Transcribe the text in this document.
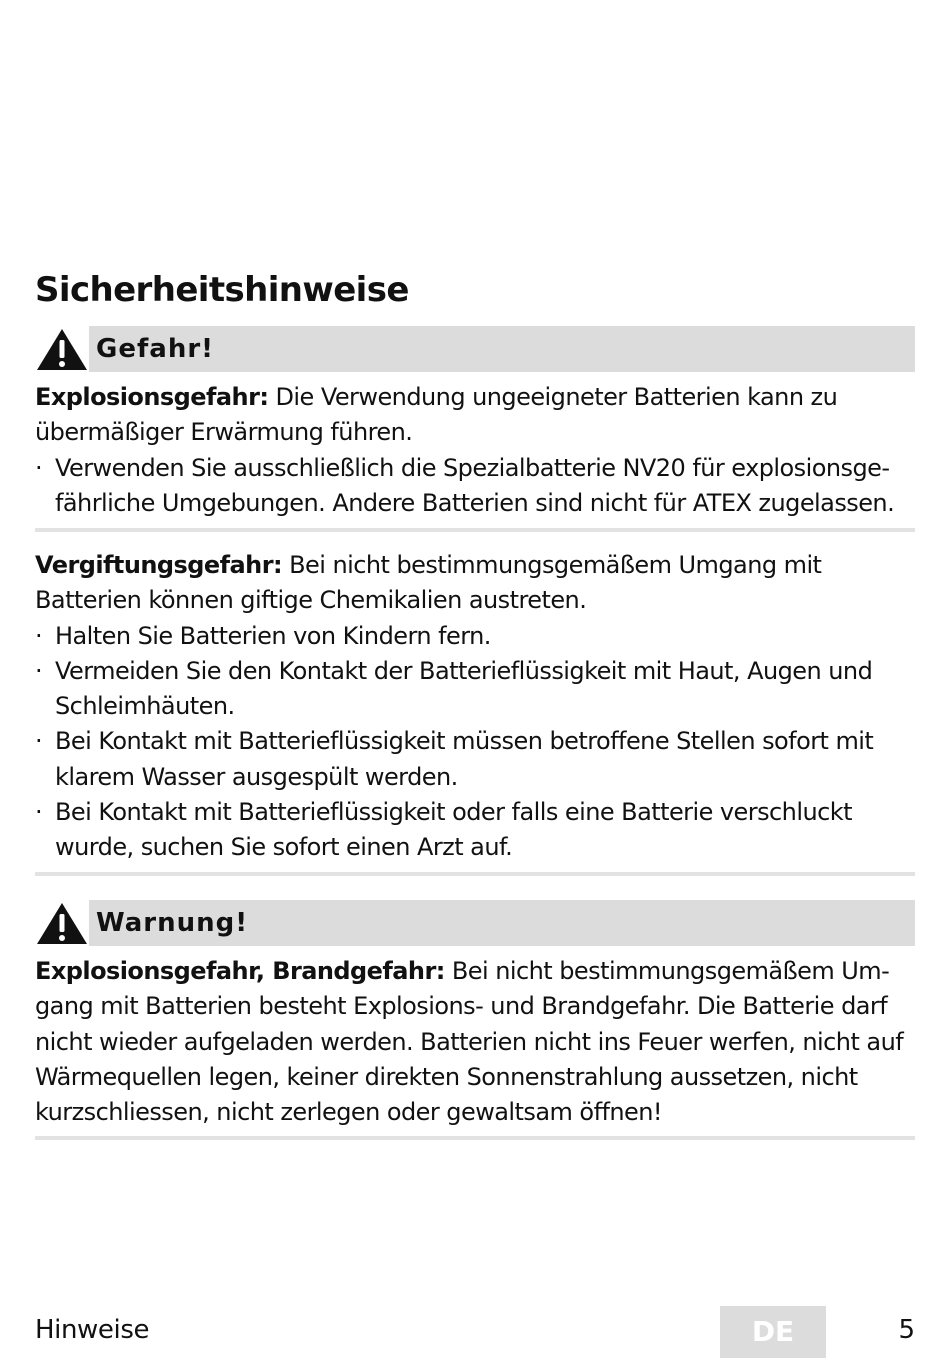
Sicherheitshinweise
Gefahr!

Explosionsgefahr: Die Verwendung ungeeigneter Batterien kann zu übermäßiger Erwärmung führen.

· Verwenden Sie ausschließlich die Spezialbatterie NV20 für explosionsgefährliche Umgebungen. Andere Batterien sind nicht für ATEX zugelassen.

Vergiftungsgefahr: Bei nicht bestimmungsgemäßem Umgang mit Batterien können giftige Chemikalien austreten.

· Halten Sie Batterien von Kindern fern.
· Vermeiden Sie den Kontakt der Batterieflüssigkeit mit Haut, Augen und Schleimhäuten.
· Bei Kontakt mit Batterieflüssigkeit müssen betroffene Stellen sofort mit klarem Wasser ausgespült werden.
· Bei Kontakt mit Batterieflüssigkeit oder falls eine Batterie verschluckt wurde, suchen Sie sofort einen Arzt auf.
Warnung!

Explosionsgefahr, Brandgefahr: Bei nicht bestimmungsgemäßem Umgang mit Batterien besteht Explosions- und Brandgefahr. Die Batterie darf nicht wieder aufgeladen werden. Batterien nicht ins Feuer werfen, nicht auf Wärmequellen legen, keiner direkten Sonnenstrahlung aussetzen, nicht kurzschliessen, nicht zerlegen oder gewaltsam öffnen!

Hinweise	DE	5
